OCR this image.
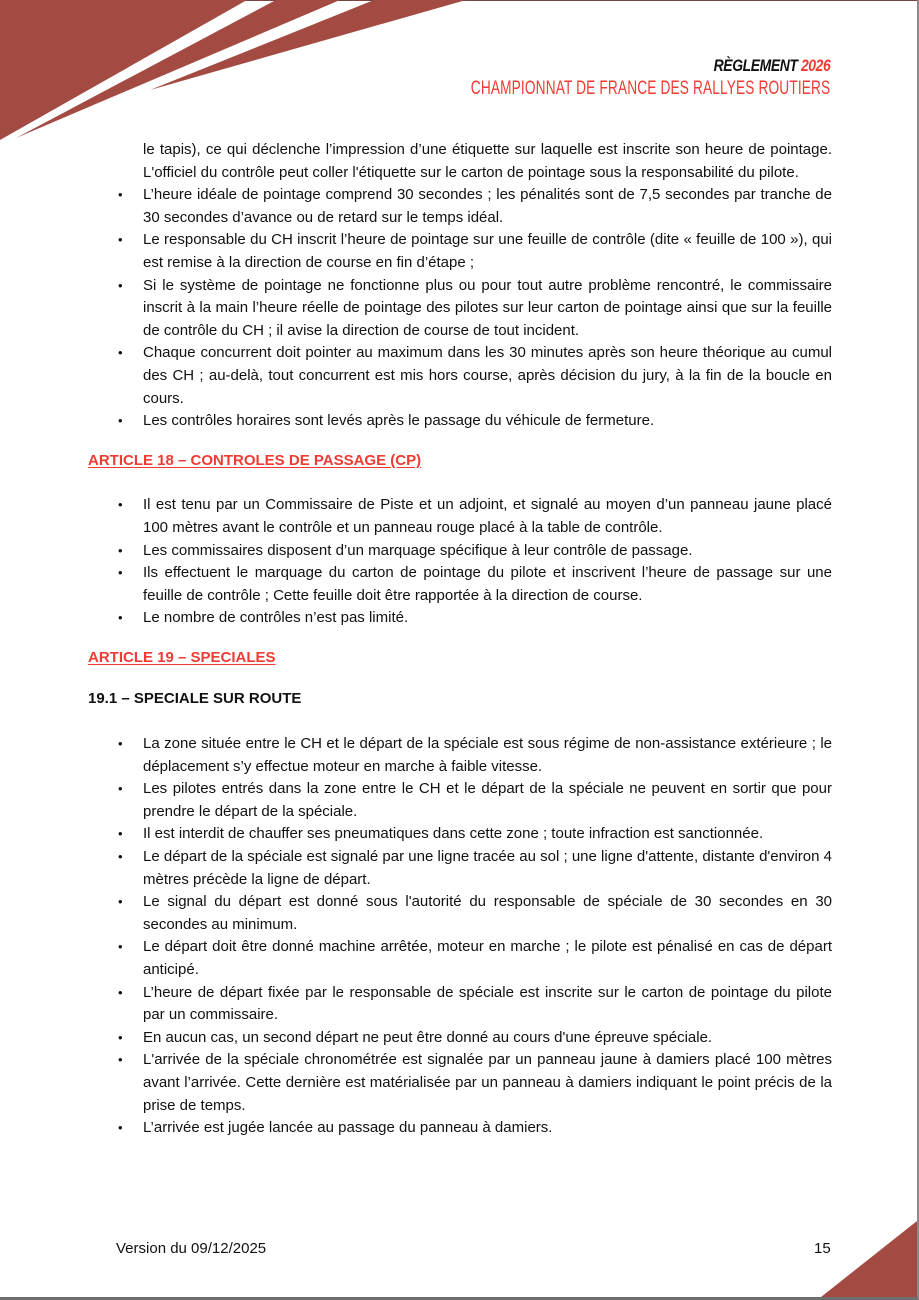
RÈGLEMENT 2026
CHAMPIONNAT DE FRANCE DES RALLYES ROUTIERS
le tapis), ce qui déclenche l’impression d’une étiquette sur laquelle est inscrite son heure de pointage. L'officiel du contrôle peut coller l'étiquette sur le carton de pointage sous la responsabilité du pilote.
• L’heure idéale de pointage comprend 30 secondes ; les pénalités sont de 7,5 secondes par tranche de 30 secondes d’avance ou de retard sur le temps idéal.
• Le responsable du CH inscrit l’heure de pointage sur une feuille de contrôle (dite « feuille de 100 »), qui est remise à la direction de course en fin d’étape ;
• Si le système de pointage ne fonctionne plus ou pour tout autre problème rencontré, le commissaire inscrit à la main l’heure réelle de pointage des pilotes sur leur carton de pointage ainsi que sur la feuille de contrôle du CH ; il avise la direction de course de tout incident.
• Chaque concurrent doit pointer au maximum dans les 30 minutes après son heure théorique au cumul des CH ; au-delà, tout concurrent est mis hors course, après décision du jury, à la fin de la boucle en cours.
• Les contrôles horaires sont levés après le passage du véhicule de fermeture.
ARTICLE 18 – CONTROLES DE PASSAGE (CP)
• Il est tenu par un Commissaire de Piste et un adjoint, et signalé au moyen d’un panneau jaune placé 100 mètres avant le contrôle et un panneau rouge placé à la table de contrôle.
• Les commissaires disposent d’un marquage spécifique à leur contrôle de passage.
• Ils effectuent le marquage du carton de pointage du pilote et inscrivent l’heure de passage sur une feuille de contrôle ; Cette feuille doit être rapportée à la direction de course.
• Le nombre de contrôles n’est pas limité.
ARTICLE 19 – SPECIALES
19.1 – SPECIALE SUR ROUTE
• La zone située entre le CH et le départ de la spéciale est sous régime de non-assistance extérieure ; le déplacement s’y effectue moteur en marche à faible vitesse.
• Les pilotes entrés dans la zone entre le CH et le départ de la spéciale ne peuvent en sortir que pour prendre le départ de la spéciale.
• Il est interdit de chauffer ses pneumatiques dans cette zone ; toute infraction est sanctionnée.
• Le départ de la spéciale est signalé par une ligne tracée au sol ; une ligne d'attente, distante d'environ 4 mètres précède la ligne de départ.
• Le signal du départ est donné sous l'autorité du responsable de spéciale de 30 secondes en 30 secondes au minimum.
• Le départ doit être donné machine arrêtée, moteur en marche ; le pilote est pénalisé en cas de départ anticipé.
• L’heure de départ fixée par le responsable de spéciale est inscrite sur le carton de pointage du pilote par un commissaire.
• En aucun cas, un second départ ne peut être donné au cours d'une épreuve spéciale.
• L'arrivée de la spéciale chronométrée est signalée par un panneau jaune à damiers placé 100 mètres avant l’arrivée. Cette dernière est matérialisée par un panneau à damiers indiquant le point précis de la prise de temps.
• L’arrivée est jugée lancée au passage du panneau à damiers.
Version du 09/12/2025	15
